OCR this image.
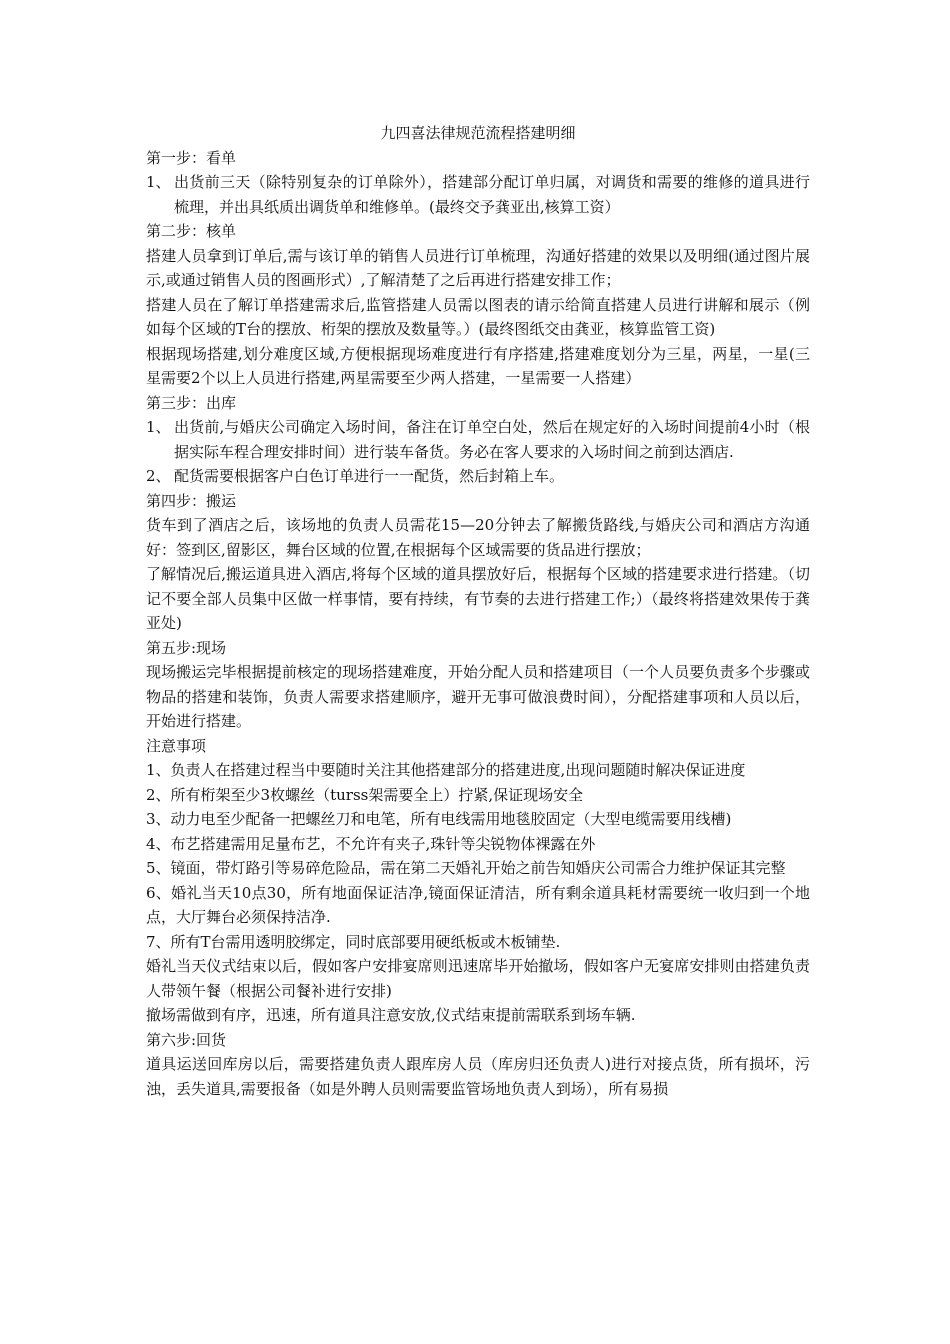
九四喜法律规范流程搭建明细
第一步：看单
1、 出货前三天（除特别复杂的订单除外），搭建部分配订单归属，对调货和需要的维修的道具进行梳理，并出具纸质出调货单和维修单。(最终交予龚亚出,核算工资）
第二步：核单
搭建人员拿到订单后,需与该订单的销售人员进行订单梳理，沟通好搭建的效果以及明细(通过图片展示,或通过销售人员的图画形式）,了解清楚了之后再进行搭建安排工作；
搭建人员在了解订单搭建需求后,监管搭建人员需以图表的请示给简直搭建人员进行讲解和展示（例如每个区域的T台的摆放、桁架的摆放及数量等。）(最终图纸交由龚亚，核算监管工资)
根据现场搭建,划分难度区域,方便根据现场难度进行有序搭建,搭建难度划分为三星，两星，一星(三星需要2个以上人员进行搭建,两星需要至少两人搭建，一星需要一人搭建）
第三步：出库
1、 出货前,与婚庆公司确定入场时间，备注在订单空白处，然后在规定好的入场时间提前4小时（根据实际车程合理安排时间）进行装车备货。务必在客人要求的入场时间之前到达酒店.
2、 配货需要根据客户白色订单进行一一配货，然后封箱上车。
第四步：搬运
货车到了酒店之后，该场地的负责人员需花15—20分钟去了解搬货路线,与婚庆公司和酒店方沟通好：签到区,留影区，舞台区域的位置,在根据每个区域需要的货品进行摆放；
了解情况后,搬运道具进入酒店,将每个区域的道具摆放好后，根据每个区域的搭建要求进行搭建。（切记不要全部人员集中区做一样事情，要有持续，有节奏的去进行搭建工作;）（最终将搭建效果传于龚亚处)
第五步:现场
现场搬运完毕根据提前核定的现场搭建难度，开始分配人员和搭建项目（一个人员要负责多个步骤或物品的搭建和装饰，负责人需要求搭建顺序，避开无事可做浪费时间），分配搭建事项和人员以后，开始进行搭建。
注意事项
1、负责人在搭建过程当中要随时关注其他搭建部分的搭建进度,出现问题随时解决保证进度
2、所有桁架至少3枚螺丝（turss架需要全上）拧紧,保证现场安全
3、动力电至少配备一把螺丝刀和电笔，所有电线需用地毯胶固定（大型电缆需要用线槽)
4、布艺搭建需用足量布艺，不允许有夹子,珠针等尖锐物体裸露在外
5、镜面，带灯路引等易碎危险品，需在第二天婚礼开始之前告知婚庆公司需合力维护保证其完整
6、婚礼当天10点30，所有地面保证洁净,镜面保证清洁，所有剩余道具耗材需要统一收归到一个地点，大厅舞台必须保持洁净.
7、所有T台需用透明胶绑定，同时底部要用硬纸板或木板铺垫.
婚礼当天仪式结束以后，假如客户安排宴席则迅速席毕开始撤场，假如客户无宴席安排则由搭建负责人带领午餐（根据公司餐补进行安排)
撤场需做到有序，迅速，所有道具注意安放,仪式结束提前需联系到场车辆.
第六步:回货
道具运送回库房以后，需要搭建负责人跟库房人员（库房归还负责人)进行对接点货，所有损坏，污浊，丢失道具,需要报备（如是外聘人员则需要监管场地负责人到场），所有易损
